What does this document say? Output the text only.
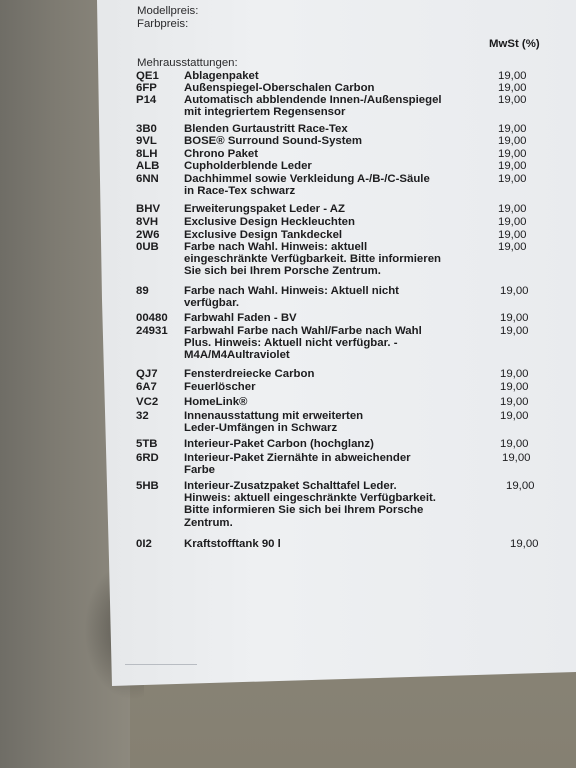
Modellpreis:
Farbpreis:
MwSt (%)
Mehrausstattungen:
QE1 Ablagenpaket	19,00
6FP Außenspiegel-Oberschalen Carbon	19,00
P14 Automatisch abblendende Innen-/Außenspiegel
mit integriertem Regensensor
19,00
3B0 Blenden Gurtaustritt Race-Tex	19,00
9VL BOSE® Surround Sound-System	19,00
8LH Chrono Paket	19,00
ALB Cupholderblende Leder	19,00
6NN Dachhimmel sowie Verkleidung A-/B-/C-Säule
in Race-Tex schwarz
19,00
BHV Erweiterungspaket Leder - AZ	19,00
8VH Exclusive Design Heckleuchten	19,00
2W6 Exclusive Design Tankdeckel	19,00
0UB Farbe nach Wahl. Hinweis: aktuell
eingeschränkte Verfügbarkeit. Bitte informieren
Sie sich bei Ihrem Porsche Zentrum.
19,00
89	Farbe nach Wahl. Hinweis: Aktuell nicht
verfügbar.
19,00
00480 Farbwahl Faden - BV	19,00
24931 Farbwahl Farbe nach Wahl/Farbe nach Wahl
Plus. Hinweis: Aktuell nicht verfügbar. -
M4A/M4Aultraviolet
19,00
QJ7 Fensterdreiecke Carbon	19,00
6A7 Feuerlöscher	19,00
VC2 HomeLink®	19,00
32	Innenausstattung mit erweiterten
Leder-Umfängen in Schwarz
19,00
5TB Interieur-Paket Carbon (hochglanz)	19,00
6RD Interieur-Paket Ziernähte in abweichender
Farbe
19,00
5HB Interieur-Zusatzpaket Schalttafel Leder.
Hinweis: aktuell eingeschränkte Verfügbarkeit.
Bitte informieren Sie sich bei Ihrem Porsche
Zentrum.
19,00
0I2	Kraftstofftank 90 l	19,00
